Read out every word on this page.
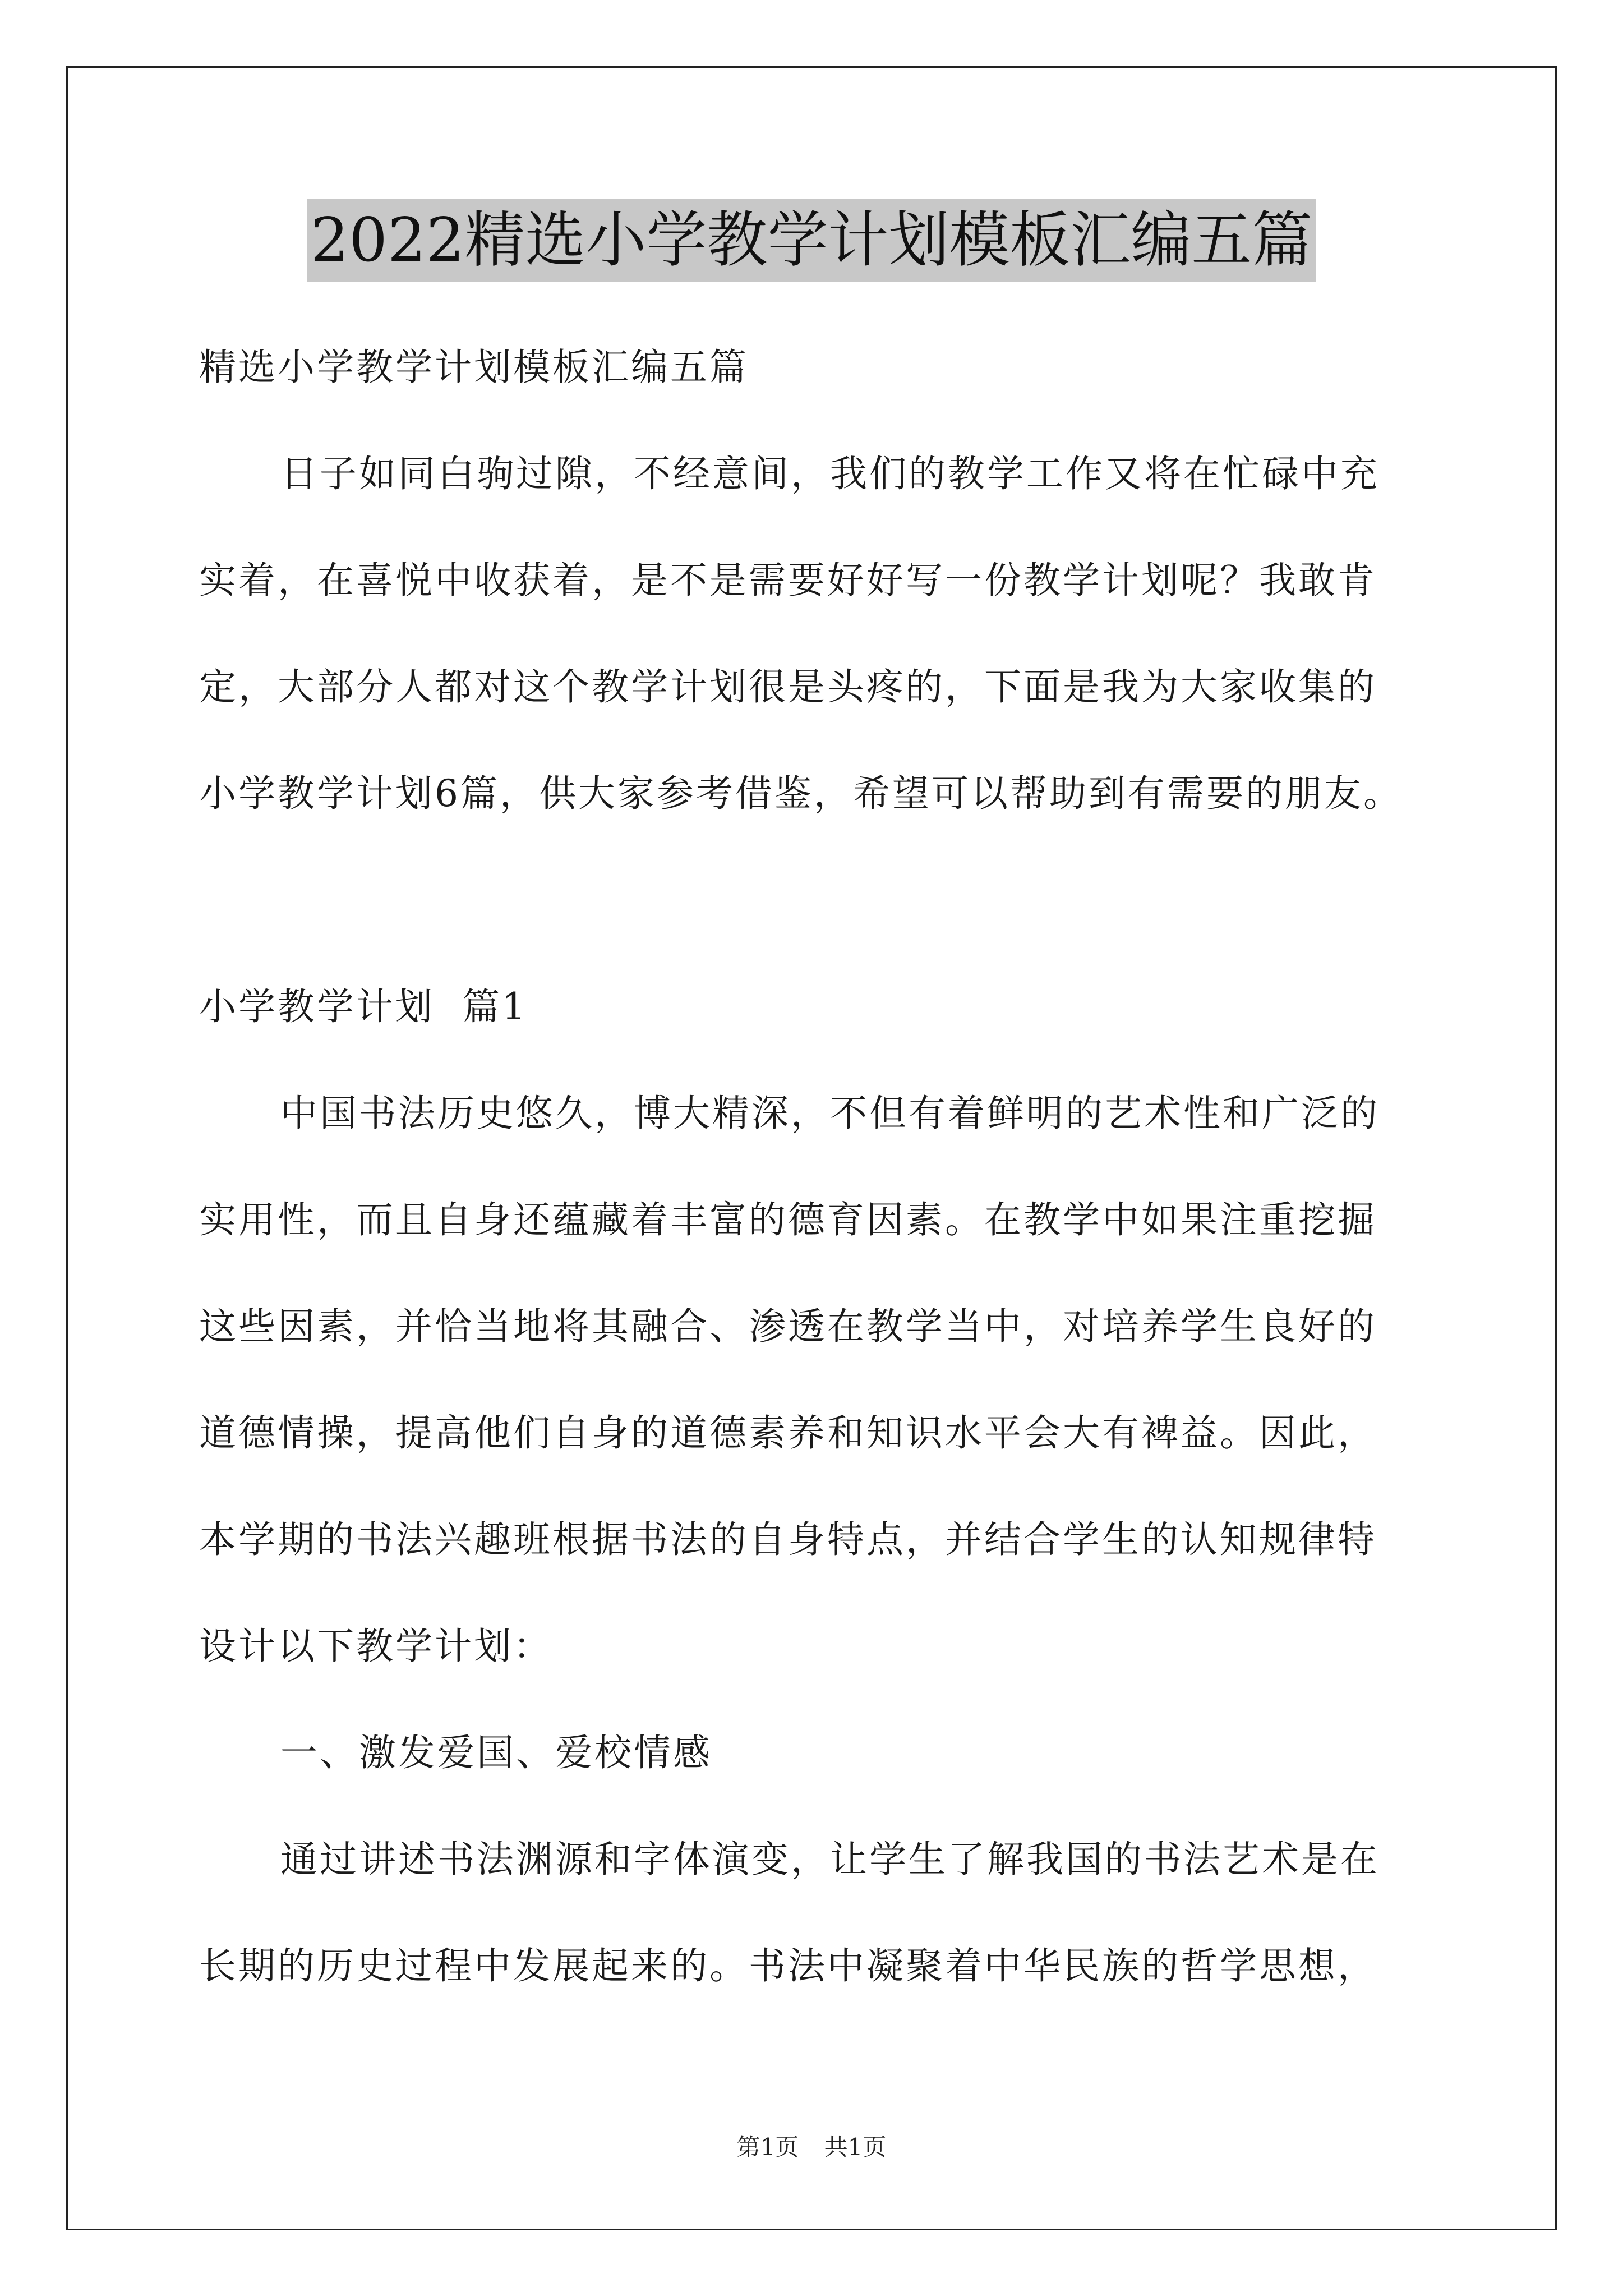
2022精选小学教学计划模板汇编五篇
精选小学教学计划模板汇编五篇
日子如同白驹过隙，不经意间，我们的教学工作又将在忙碌中充
实着，在喜悦中收获着，是不是需要好好写一份教学计划呢？我敢肯
定，大部分人都对这个教学计划很是头疼的，下面是我为大家收集的
小学教学计划6篇，供大家参考借鉴，希望可以帮助到有需要的朋友。
小学教学计划  篇1
中国书法历史悠久，博大精深，不但有着鲜明的艺术性和广泛的
实用性，而且自身还蕴藏着丰富的德育因素。在教学中如果注重挖掘
这些因素，并恰当地将其融合、渗透在教学当中，对培养学生良好的
道德情操，提高他们自身的道德素养和知识水平会大有裨益。因此，
本学期的书法兴趣班根据书法的自身特点，并结合学生的认知规律特
设计以下教学计划：
一、激发爱国、爱校情感
通过讲述书法渊源和字体演变，让学生了解我国的书法艺术是在
长期的历史过程中发展起来的。书法中凝聚着中华民族的哲学思想，
第1页 共1页
